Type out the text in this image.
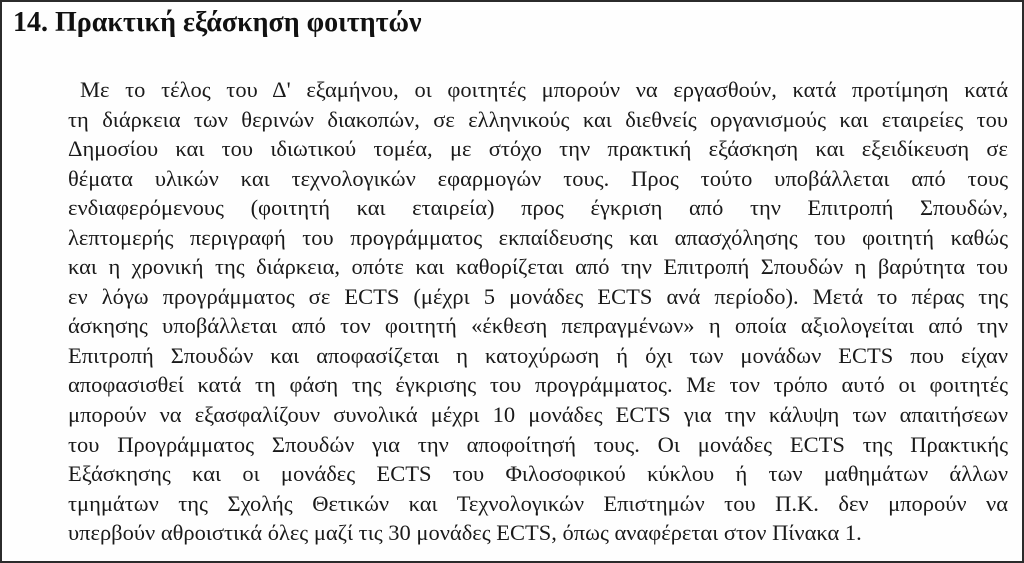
14. Πρακτική εξάσκηση φοιτητών
Με το τέλος του Δ' εξαμήνου, οι φοιτητές μπορούν να εργασθούν, κατά προτίμηση κατά
τη διάρκεια των θερινών διακοπών, σε ελληνικούς και διεθνείς οργανισμούς και εταιρείες του
Δημοσίου και του ιδιωτικού τομέα, με στόχο την πρακτική εξάσκηση και εξειδίκευση σε
θέματα υλικών και τεχνολογικών εφαρμογών τους. Προς τούτο υποβάλλεται από τους
ενδιαφερόμενους (φοιτητή και εταιρεία) προς έγκριση από την Επιτροπή Σπουδών,
λεπτομερής περιγραφή του προγράμματος εκπαίδευσης και απασχόλησης του φοιτητή καθώς
και η χρονική της διάρκεια, οπότε και καθορίζεται από την Επιτροπή Σπουδών η βαρύτητα του
εν λόγω προγράμματος σε ECTS (μέχρι 5 μονάδες ECTS ανά περίοδο). Μετά το πέρας της
άσκησης υποβάλλεται από τον φοιτητή «έκθεση πεπραγμένων» η οποία αξιολογείται από την
Επιτροπή Σπουδών και αποφασίζεται η κατοχύρωση ή όχι των μονάδων ECTS που είχαν
αποφασισθεί κατά τη φάση της έγκρισης του προγράμματος. Με τον τρόπο αυτό οι φοιτητές
μπορούν να εξασφαλίζουν συνολικά μέχρι 10 μονάδες ECTS για την κάλυψη των απαιτήσεων
του Προγράμματος Σπουδών για την αποφοίτησή τους. Οι μονάδες ECTS της Πρακτικής
Εξάσκησης και οι μονάδες ECTS του Φιλοσοφικού κύκλου ή των μαθημάτων άλλων
τμημάτων της Σχολής Θετικών και Τεχνολογικών Επιστημών του Π.Κ. δεν μπορούν να
υπερβούν αθροιστικά όλες μαζί τις 30 μονάδες ECTS, όπως αναφέρεται στον Πίνακα 1.
